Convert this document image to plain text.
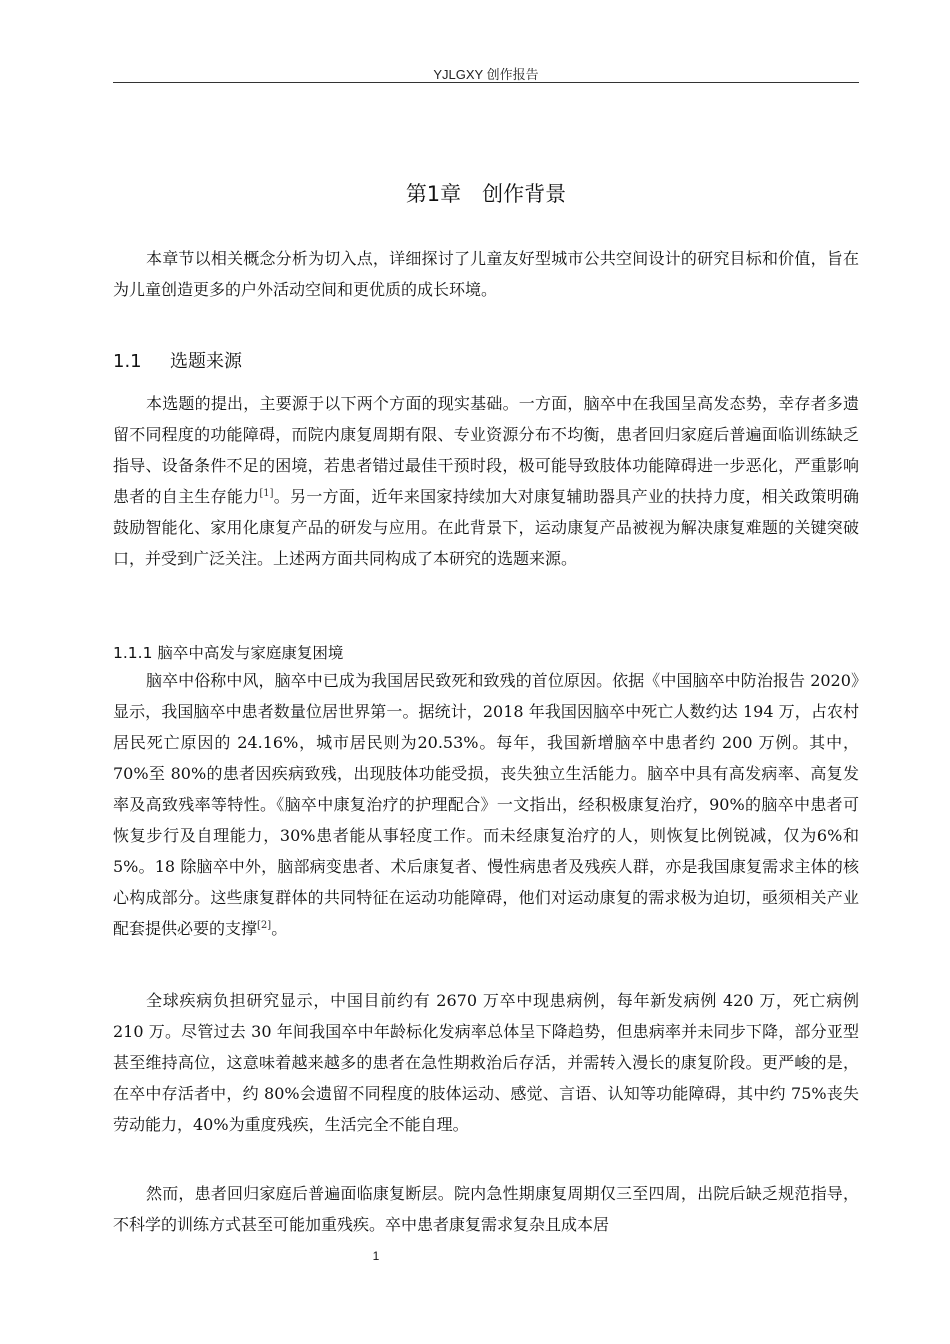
YJLGXY 创作报告
第1章　创作背景

本章节以相关概念分析为切入点，详细探讨了儿童友好型城市公共空间设计的研究目标和价值，旨在为儿童创造更多的户外活动空间和更优质的成长环境。

1.1 选题来源

本选题的提出，主要源于以下两个方面的现实基础。一方面，脑卒中在我国呈高发态势，幸存者多遗留不同程度的功能障碍，而院内康复周期有限、专业资源分布不均衡，患者回归家庭后普遍面临训练缺乏指导、设备条件不足的困境，若患者错过最佳干预时段，极可能导致肢体功能障碍进一步恶化，严重影响患者的自主生存能力[1]。另一方面，近年来国家持续加大对康复辅助器具产业的扶持力度，相关政策明确鼓励智能化、家用化康复产品的研发与应用。在此背景下，运动康复产品被视为解决康复难题的关键突破口，并受到广泛关注。上述两方面共同构成了本研究的选题来源。

1.1.1 脑卒中高发与家庭康复困境

脑卒中俗称中风，脑卒中已成为我国居民致死和致残的首位原因。依据《中国脑卒中防治报告 2020》显示，我国脑卒中患者数量位居世界第一。据统计，2018 年我国因脑卒中死亡人数约达 194 万，占农村居民死亡原因的 24.16%，城市居民则为20.53%。每年，我国新增脑卒中患者约 200 万例。其中，70%至 80%的患者因疾病致残，出现肢体功能受损，丧失独立生活能力。脑卒中具有高发病率、高复发率及高致残率等特性。《脑卒中康复治疗的护理配合》一文指出，经积极康复治疗，90%的脑卒中患者可恢复步行及自理能力，30%患者能从事轻度工作。而未经康复治疗的人，则恢复比例锐减，仅为6%和 5%。18 除脑卒中外，脑部病变患者、术后康复者、慢性病患者及残疾人群，亦是我国康复需求主体的核心构成部分。这些康复群体的共同特征在运动功能障碍，他们对运动康复的需求极为迫切，亟须相关产业配套提供必要的支撑[2]。

全球疾病负担研究显示，中国目前约有 2670 万卒中现患病例，每年新发病例 420 万，死亡病例 210 万。尽管过去 30 年间我国卒中年龄标化发病率总体呈下降趋势，但患病率并未同步下降，部分亚型甚至维持高位，这意味着越来越多的患者在急性期救治后存活，并需转入漫长的康复阶段。更严峻的是，在卒中存活者中，约 80%会遗留不同程度的肢体运动、感觉、言语、认知等功能障碍，其中约 75%丧失劳动能力，40%为重度残疾，生活完全不能自理。

然而，患者回归家庭后普遍面临康复断层。院内急性期康复周期仅三至四周，出院后缺乏规范指导，不科学的训练方式甚至可能加重残疾。卒中患者康复需求复杂且成本居

1
